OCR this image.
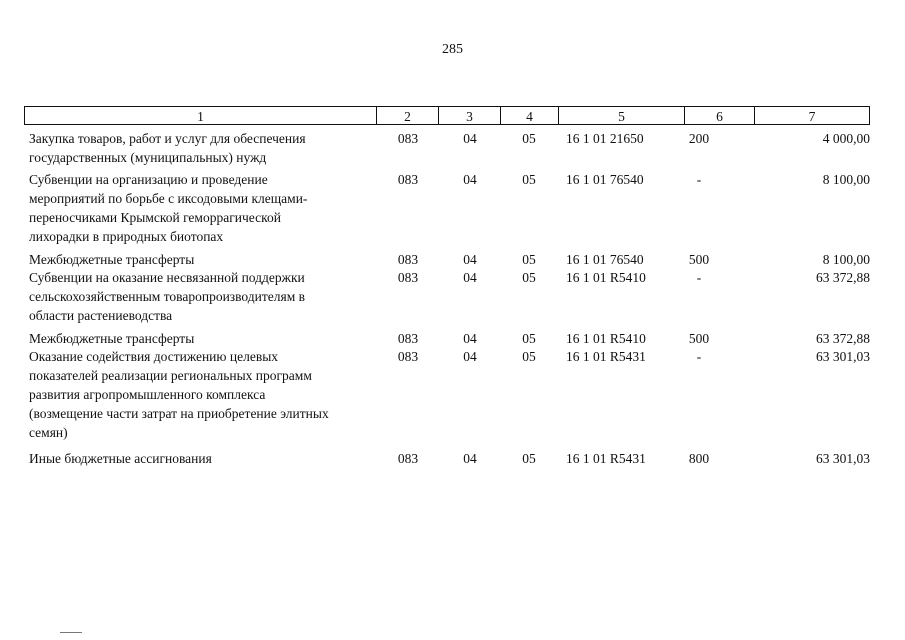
285
1	2	3	4	5	6	7
Закупка товаров, работ и услуг для обеспечения
государственных (муниципальных) нужд
083	04	05	16 1 01 21650	200	4 000,00
Субвенции на организацию и проведение
мероприятий по борьбе с иксодовыми клещами-
переносчиками Крымской геморрагической
лихорадки в природных биотопах
083	04	05	16 1 01 76540	-	8 100,00
Межбюджетные трансферты	083	04	05	16 1 01 76540	500	8 100,00
Субвенции на оказание несвязанной поддержки
сельскохозяйственным товаропроизводителям в
области растениеводства
083	04	05	16 1 01 R5410	-	63 372,88
Межбюджетные трансферты	083	04	05	16 1 01 R5410	500	63 372,88
Оказание содействия достижению целевых
показателей реализации региональных программ
развития агропромышленного комплекса
(возмещение части затрат на приобретение элитных
семян)
083	04	05	16 1 01 R5431	-	63 301,03
Иные бюджетные ассигнования	083	04	05	16 1 01 R5431	800	63 301,03
